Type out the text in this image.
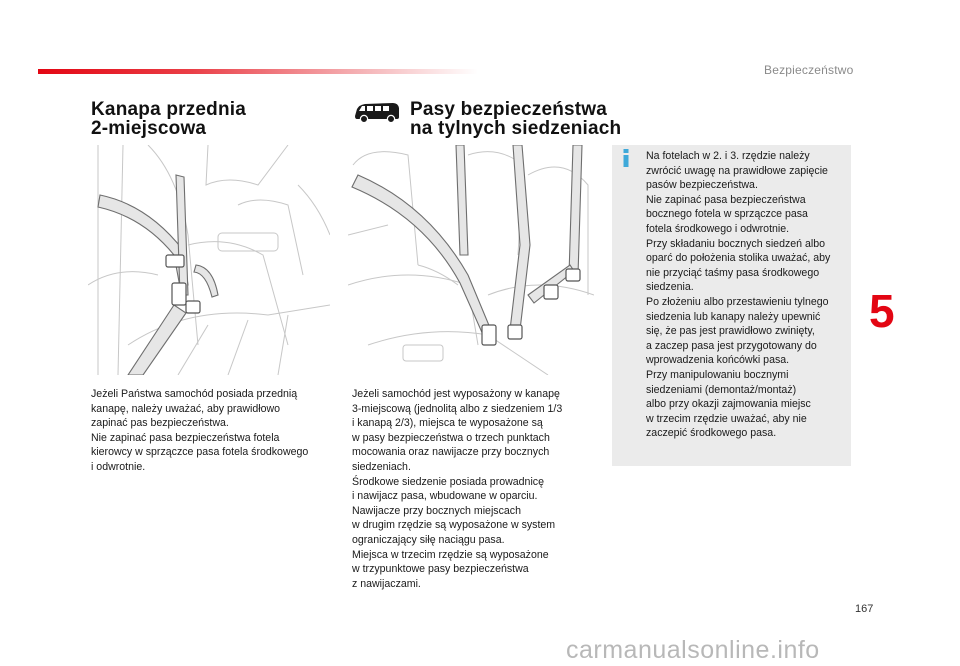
Bezpieczeństwo
Kanapa przednia
2-miejscowa
Pasy bezpieczeństwa
na tylnych siedzeniach
Jeżeli Państwa samochód posiada przednią
kanapę, należy uważać, aby prawidłowo
zapinać pas bezpieczeństwa.
Nie zapinać pasa bezpieczeństwa fotela
kierowcy w sprzączce pasa fotela środkowego
i odwrotnie.
Jeżeli samochód jest wyposażony w kanapę
3-miejscową (jednolitą albo z siedzeniem 1/3
i kanapą 2/3), miejsca te wyposażone są
w pasy bezpieczeństwa o trzech punktach
mocowania oraz nawijacze przy bocznych
siedzeniach.
Środkowe siedzenie posiada prowadnicę
i nawijacz pasa, wbudowane w oparciu.
Nawijacze przy bocznych miejscach
w drugim rzędzie są wyposażone w system
ograniczający siłę naciągu pasa.
Miejsca w trzecim rzędzie są wyposażone
w trzypunktowe pasy bezpieczeństwa
z nawijaczami.
Na fotelach w 2. i 3. rzędzie należy
zwrócić uwagę na prawidłowe zapięcie
pasów bezpieczeństwa.
Nie zapinać pasa bezpieczeństwa
bocznego fotela w sprzączce pasa
fotela środkowego i odwrotnie.
Przy składaniu bocznych siedzeń albo
oparć do położenia stolika uważać, aby
nie przyciąć taśmy pasa środkowego
siedzenia.
Po złożeniu albo przestawieniu tylnego
siedzenia lub kanapy należy upewnić
się, że pas jest prawidłowo zwinięty,
a zaczep pasa jest przygotowany do
wprowadzenia końcówki pasa.
Przy manipulowaniu bocznymi
siedzeniami (demontaż/montaż)
albo przy okazji zajmowania miejsc
w trzecim rzędzie uważać, aby nie
zaczepić środkowego pasa.
5
167
carmanualsonline.info
